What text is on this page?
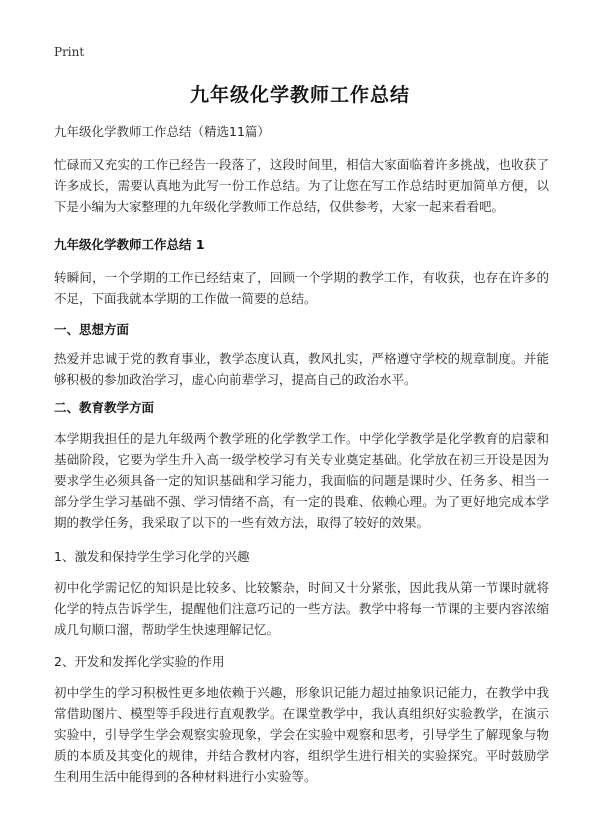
Print
九年级化学教师工作总结
九年级化学教师工作总结（精选11篇）

忙碌而又充实的工作已经告一段落了，这段时间里，相信大家面临着许多挑战，也收获了许多成长，需要认真地为此写一份工作总结。为了让您在写工作总结时更加简单方便，以下是小编为大家整理的九年级化学教师工作总结，仅供参考，大家一起来看看吧。

九年级化学教师工作总结 1

转瞬间，一个学期的工作已经结束了，回顾一个学期的教学工作，有收获，也存在许多的不足，下面我就本学期的工作做一简要的总结。

一、思想方面

热爱并忠诚于党的教育事业，教学态度认真，教风扎实，严格遵守学校的规章制度。并能够积极的参加政治学习，虚心向前辈学习，提高自己的政治水平。

二、教育教学方面

本学期我担任的是九年级两个教学班的化学教学工作。中学化学教学是化学教育的启蒙和基础阶段，它要为学生升入高一级学校学习有关专业奠定基础。化学放在初三开设是因为要求学生必须具备一定的知识基础和学习能力，我面临的问题是课时少、任务多、相当一部分学生学习基础不强、学习情绪不高，有一定的畏难、依赖心理。为了更好地完成本学期的教学任务，我采取了以下的一些有效方法，取得了较好的效果。

1、激发和保持学生学习化学的兴趣

初中化学需记忆的知识是比较多、比较繁杂，时间又十分紧张，因此我从第一节课时就将化学的特点告诉学生，提醒他们注意巧记的一些方法。教学中将每一节课的主要内容浓缩成几句顺口溜，帮助学生快速理解记忆。

2、开发和发挥化学实验的作用

初中学生的学习积极性更多地依赖于兴趣，形象识记能力超过抽象识记能力，在教学中我常借助图片、模型等手段进行直观教学。在课堂教学中，我认真组织好实验教学，在演示实验中，引导学生学会观察实验现象，学会在实验中观察和思考，引导学生了解现象与物质的本质及其变化的规律，并结合教材内容，组织学生进行相关的实验探究。平时鼓励学生利用生活中能得到的各种材料进行小实验等。
